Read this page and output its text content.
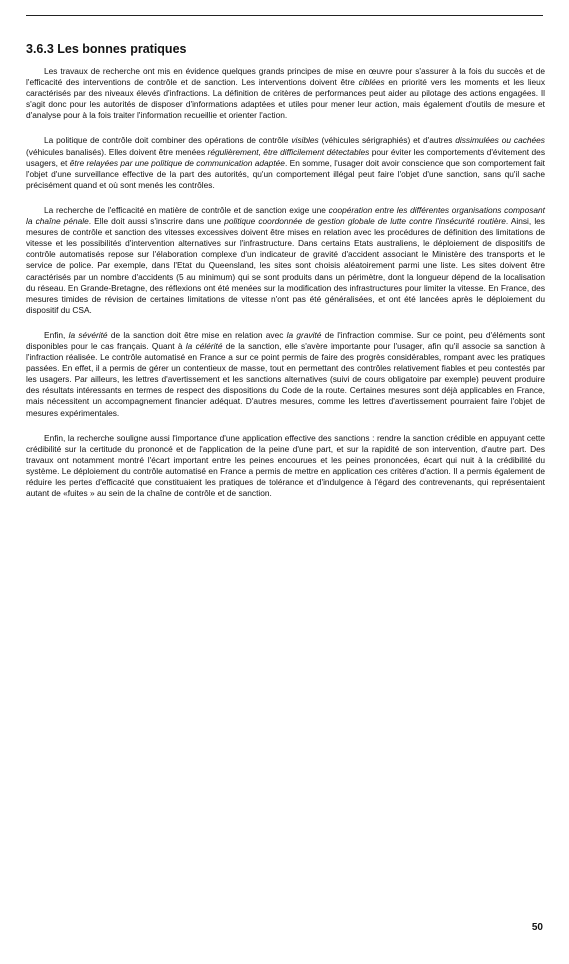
3.6.3 Les bonnes pratiques

Les travaux de recherche ont mis en évidence quelques grands principes de mise en œuvre pour s'assurer à la fois du succès et de l'efficacité des interventions de contrôle et de sanction. Les interventions doivent être ciblées en priorité vers les moments et les lieux caractérisés par des niveaux élevés d'infractions. La définition de critères de performances peut aider au pilotage des actions engagées. Il s'agit donc pour les autorités de disposer d'informations adaptées et utiles pour mener leur action, mais également d'outils de mesure et d'analyse pour à la fois traiter l'information recueillie et orienter l'action.

La politique de contrôle doit combiner des opérations de contrôle visibles (véhicules sérigraphiés) et d'autres dissimulées ou cachées (véhicules banalisés). Elles doivent être menées régulièrement, être difficilement détectables pour éviter les comportements d'évitement des usagers, et être relayées par une politique de communication adaptée. En somme, l'usager doit avoir conscience que son comportement fait l'objet d'une surveillance effective de la part des autorités, qu'un comportement illégal peut faire l'objet d'une sanction, sans qu'il sache précisément quand et où sont menés les contrôles.

La recherche de l'efficacité en matière de contrôle et de sanction exige une coopération entre les différentes organisations composant la chaîne pénale. Elle doit aussi s'inscrire dans une politique coordonnée de gestion globale de lutte contre l'insécurité routière. Ainsi, les mesures de contrôle et sanction des vitesses excessives doivent être mises en relation avec les procédures de définition des limitations de vitesse et les possibilités d'intervention alternatives sur l'infrastructure. Dans certains Etats australiens, le déploiement de dispositifs de contrôle automatisés repose sur l'élaboration complexe d'un indicateur de gravité d'accident associant le Ministère des transports et le service de police. Par exemple, dans l'Etat du Queensland, les sites sont choisis aléatoirement parmi une liste. Les sites doivent être caractérisés par un nombre d'accidents (5 au minimum) qui se sont produits dans un périmètre, dont la longueur dépend de la localisation du réseau. En Grande-Bretagne, des réflexions ont été menées sur la modification des infrastructures pour limiter la vitesse. En France, des mesures timides de révision de certaines limitations de vitesse n'ont pas été généralisées, et ont été lancées après le déploiement du dispositif du CSA.

Enfin, la sévérité de la sanction doit être mise en relation avec la gravité de l'infraction commise. Sur ce point, peu d'éléments sont disponibles pour le cas français. Quant à la célérité de la sanction, elle s'avère importante pour l'usager, afin qu'il associe sa sanction à l'infraction réalisée. Le contrôle automatisé en France a sur ce point permis de faire des progrès considérables, rompant avec les pratiques passées. En effet, il a permis de gérer un contentieux de masse, tout en permettant des contrôles relativement fiables et peu contestés par les usagers. Par ailleurs, les lettres d'avertissement et les sanctions alternatives (suivi de cours obligatoire par exemple) peuvent produire des résultats intéressants en termes de respect des dispositions du Code de la route. Certaines mesures sont déjà applicables en France, mais nécessitent un accompagnement financier adéquat. D'autres mesures, comme les lettres d'avertissement pourraient faire l'objet de mesures expérimentales.

Enfin, la recherche souligne aussi l'importance d'une application effective des sanctions : rendre la sanction crédible en appuyant cette crédibilité sur la certitude du prononcé et de l'application de la peine d'une part, et sur la rapidité de son intervention, d'autre part. Des travaux ont notamment montré l'écart important entre les peines encourues et les peines prononcées, écart qui nuit à la crédibilité du système. Le déploiement du contrôle automatisé en France a permis de mettre en application ces critères d'action. Il a permis également de réduire les pertes d'efficacité que constituaient les pratiques de tolérance et d'indulgence à l'égard des contrevenants, qui représentaient autant de «fuites » au sein de la chaîne de contrôle et de sanction.

50
